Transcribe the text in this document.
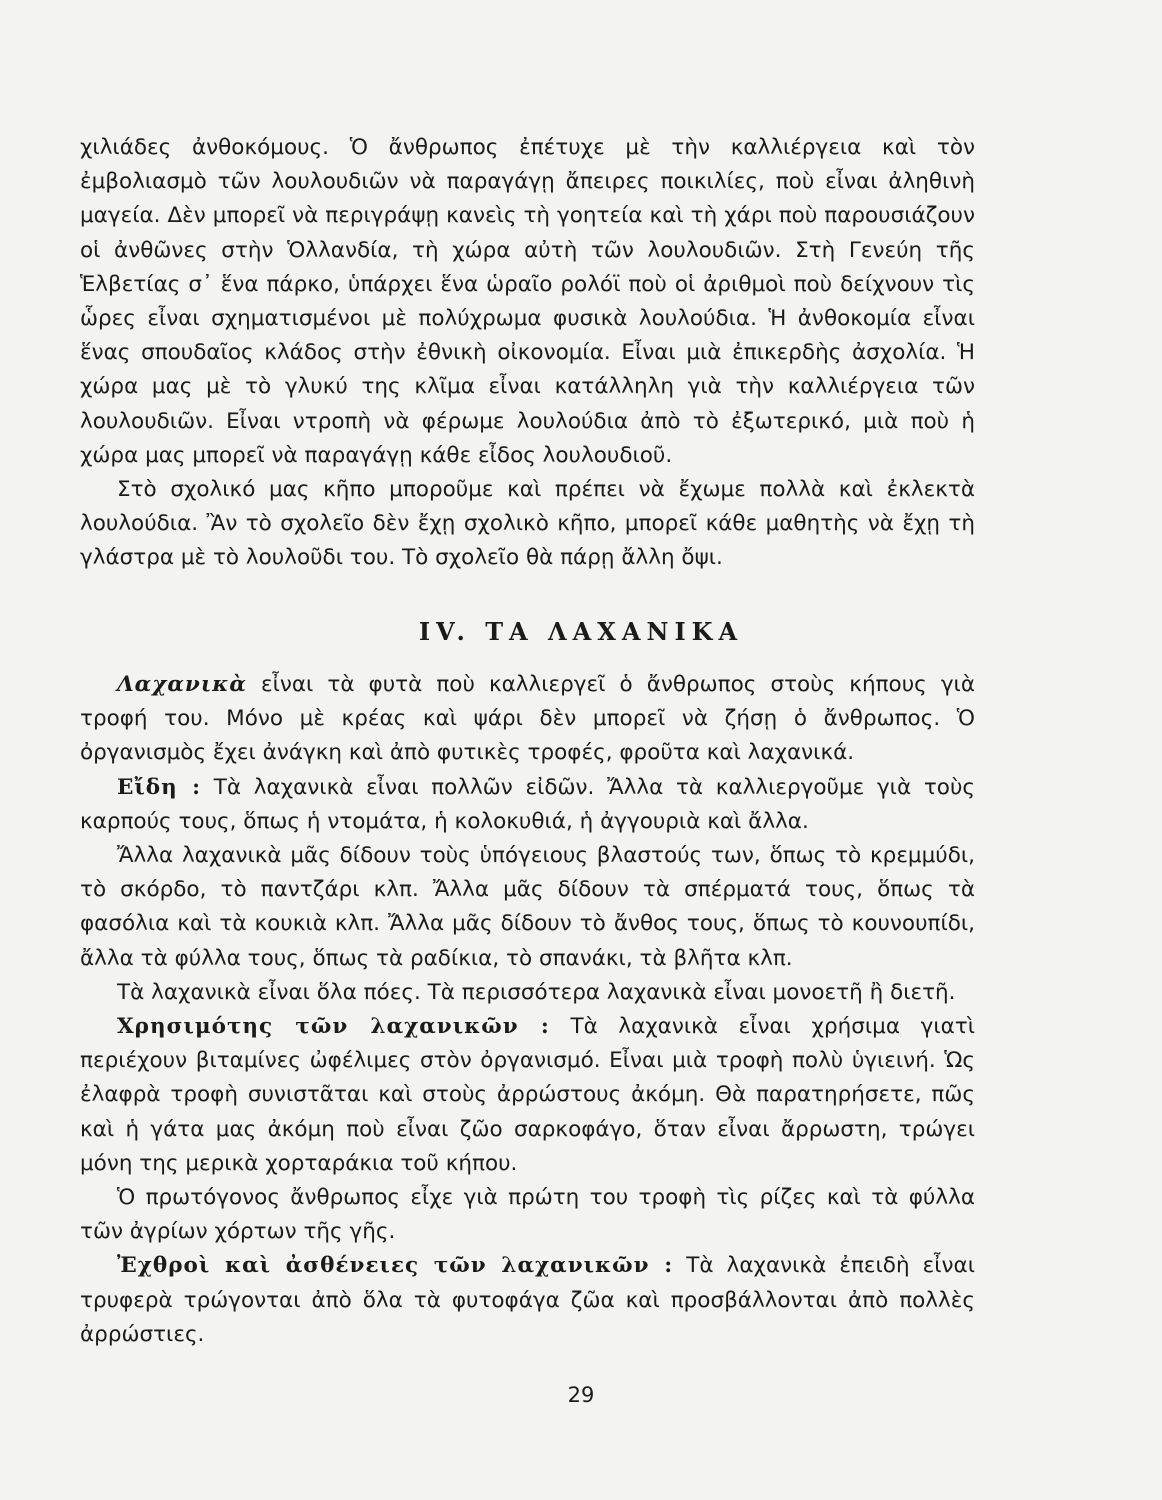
χιλιάδες ἀνθοκόμους. Ὁ ἄνθρωπος ἐπέτυχε μὲ τὴν καλλιέργεια καὶ τὸν ἐμβολιασμὸ τῶν λουλουδιῶν νὰ παραγάγῃ ἄπειρες ποικιλίες, ποὺ εἶναι ἀληθινὴ μαγεία. Δὲν μπορεῖ νὰ περιγράψῃ κανεὶς τὴ γοητεία καὶ τὴ χάρι ποὺ παρουσιάζουν οἱ ἀνθῶνες στὴν Ὁλλανδία, τὴ χώρα αὐτὴ τῶν λουλουδιῶν. Στὴ Γενεύη τῆς Ἑλβετίας σ᾽ ἕνα πάρκο, ὑπάρχει ἕνα ὡραῖο ρολόϊ ποὺ οἱ ἀριθμοὶ ποὺ δείχνουν τὶς ὧρες εἶναι σχηματισμένοι μὲ πολύχρωμα φυσικὰ λουλούδια. Ἡ ἀνθοκομία εἶναι ἕνας σπουδαῖος κλάδος στὴν ἐθνικὴ οἰκονομία. Εἶναι μιὰ ἐπικερδὴς ἀσχολία. Ἡ χώρα μας μὲ τὸ γλυκύ της κλῖμα εἶναι κατάλληλη γιὰ τὴν καλλιέργεια τῶν λουλουδιῶν. Εἶναι ντροπὴ νὰ φέρωμε λουλούδια ἀπὸ τὸ ἐξωτερικό, μιὰ ποὺ ἡ χώρα μας μπορεῖ νὰ παραγάγῃ κάθε εἶδος λουλουδιοῦ.

Στὸ σχολικό μας κῆπο μποροῦμε καὶ πρέπει νὰ ἔχωμε πολλὰ καὶ ἐκλεκτὰ λουλούδια. Ἂν τὸ σχολεῖο δὲν ἔχῃ σχολικὸ κῆπο, μπορεῖ κάθε μαθητὴς νὰ ἔχῃ τὴ γλάστρα μὲ τὸ λουλοῦδι του. Τὸ σχολεῖο θὰ πάρῃ ἄλλη ὄψι.

IV. ΤΑ ΛΑΧΑΝΙΚΑ

Λαχανικὰ εἶναι τὰ φυτὰ ποὺ καλλιεργεῖ ὁ ἄνθρωπος στοὺς κήπους γιὰ τροφή του. Μόνο μὲ κρέας καὶ ψάρι δὲν μπορεῖ νὰ ζήσῃ ὁ ἄνθρωπος. Ὁ ὀργανισμὸς ἔχει ἀνάγκη καὶ ἀπὸ φυτικὲς τροφές, φροῦτα καὶ λαχανικά.

Εἴδη : Τὰ λαχανικὰ εἶναι πολλῶν εἰδῶν. Ἄλλα τὰ καλλιεργοῦμε γιὰ τοὺς καρπούς τους, ὅπως ἡ ντομάτα, ἡ κολοκυθιά, ἡ ἀγγουριὰ καὶ ἄλλα.

Ἄλλα λαχανικὰ μᾶς δίδουν τοὺς ὑπόγειους βλαστούς των, ὅπως τὸ κρεμμύδι, τὸ σκόρδο, τὸ παντζάρι κλπ. Ἄλλα μᾶς δίδουν τὰ σπέρματά τους, ὅπως τὰ φασόλια καὶ τὰ κουκιὰ κλπ. Ἄλλα μᾶς δίδουν τὸ ἄνθος τους, ὅπως τὸ κουνουπίδι, ἄλλα τὰ φύλλα τους, ὅπως τὰ ραδίκια, τὸ σπανάκι, τὰ βλῆτα κλπ.

Τὰ λαχανικὰ εἶναι ὅλα πόες. Τὰ περισσότερα λαχανικὰ εἶναι μονοετῆ ἢ διετῆ.

Χρησιμότης τῶν λαχανικῶν : Τὰ λαχανικὰ εἶναι χρήσιμα γιατὶ περιέχουν βιταμίνες ὠφέλιμες στὸν ὀργανισμό. Εἶναι μιὰ τροφὴ πολὺ ὑγιεινή. Ὡς ἐλαφρὰ τροφὴ συνιστᾶται καὶ στοὺς ἀρρώστους ἀκόμη. Θὰ παρατηρήσετε, πῶς καὶ ἡ γάτα μας ἀκόμη ποὺ εἶναι ζῶο σαρκοφάγο, ὅταν εἶναι ἄρρωστη, τρώγει μόνη της μερικὰ χορταράκια τοῦ κήπου.

Ὁ πρωτόγονος ἄνθρωπος εἶχε γιὰ πρώτη του τροφὴ τὶς ρίζες καὶ τὰ φύλλα τῶν ἀγρίων χόρτων τῆς γῆς.

Ἐχθροὶ καὶ ἀσθένειες τῶν λαχανικῶν : Τὰ λαχανικὰ ἐπειδὴ εἶναι τρυφερὰ τρώγονται ἀπὸ ὅλα τὰ φυτοφάγα ζῶα καὶ προσβάλλονται ἀπὸ πολλὲς ἀρρώστιες.

29
